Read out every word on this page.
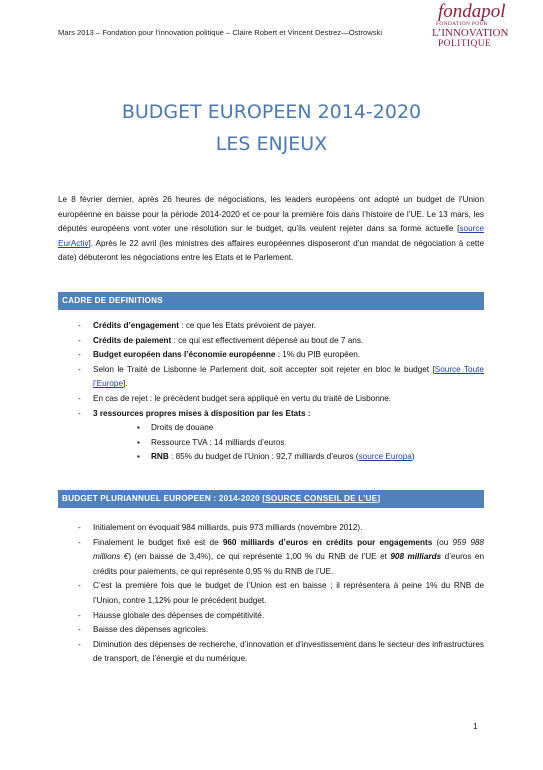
Mars 2013 – Fondation pour l’innovation politique – Claire Robert et Vincent Destrez—Ostrowski
fondapol
FONDATION POUR
L’INNOVATION
POLITIQUE
BUDGET EUROPEEN 2014-2020
LES ENJEUX

Le 8 février dernier, après 26 heures de négociations, les leaders européens ont adopté un budget de l’Union européenne en baisse pour la période 2014-2020 et ce pour la première fois dans l’histoire de l’UE. Le 13 mars, les députés européens vont voter une résolution sur le budget, qu’ils veulent rejeter dans sa forme actuelle [source EurActiv]. Après le 22 avril (les ministres des affaires européennes disposeront d’un mandat de négociation à cette date) débuteront les négociations entre les Etats et le Parlement.

CADRE DE DEFINITIONS
- Crédits d’engagement : ce que les Etats prévoient de payer.
- Crédits de paiement : ce qui est effectivement dépensé au bout de 7 ans.
- Budget européen dans l’économie européenne : 1% du PIB européen.
- Selon le Traité de Lisbonne le Parlement doit, soit accepter soit rejeter en bloc le budget [Source Toute l’Europe].
- En cas de rejet : le précédent budget sera appliqué en vertu du traité de Lisbonne.
- 3 ressources propres mises à disposition par les Etats :
▪ Droits de douane
▪ Ressource TVA : 14 milliards d’euros
▪ RNB : 85% du budget de l’Union : 92,7 milliards d’euros (source Europa)
BUDGET PLURIANNUEL EUROPEEN : 2014-2020 [SOURCE CONSEIL DE L’UE]
- Initialement on évoquait 984 milliards, puis 973 milliards (novembre 2012).
- Finalement le budget fixé est de 960 milliards d’euros en crédits pour engagements (ou 959 988 millions €) (en baisse de 3,4%), ce qui représente 1,00 % du RNB de l’UE et 908 milliards d’euros en crédits pour paiements, ce qui représente 0,95 % du RNB de l’UE.
- C’est la première fois que le budget de l’Union est en baisse ; il représentera à peine 1% du RNB de l’Union, contre 1,12% pour le précédent budget.
- Hausse globale des dépenses de compétitivité.
- Baisse des dépenses agricoles.
- Diminution des dépenses de recherche, d’innovation et d’investissement dans le secteur des infrastructures de transport, de l’énergie et du numérique.
1
